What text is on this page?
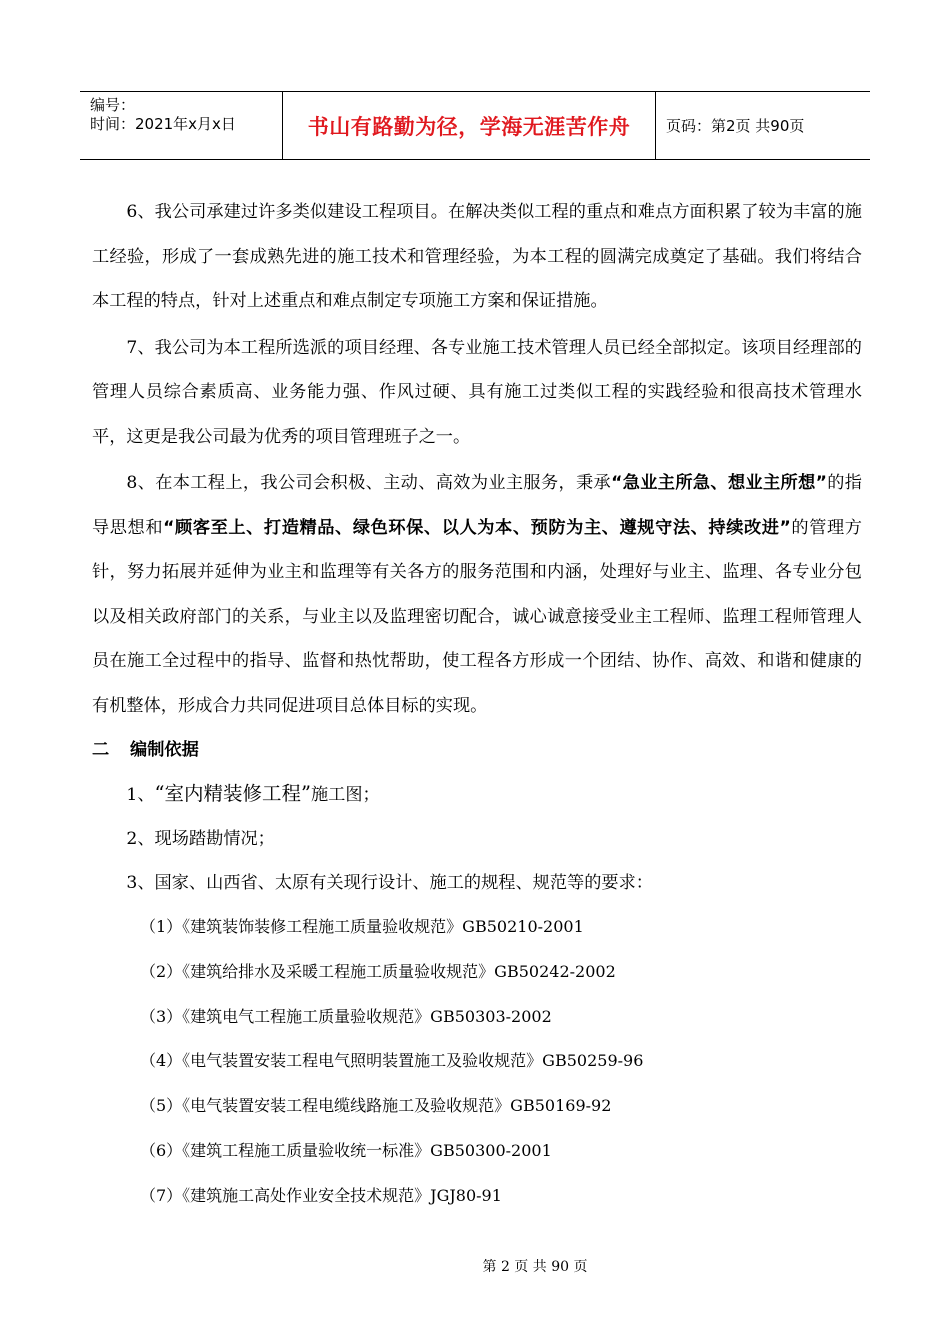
编号：
时间：2021年x月x日	书山有路勤为径，学海无涯苦作舟	页码：第2页 共90页

6、我公司承建过许多类似建设工程项目。在解决类似工程的重点和难点方面积累了较为丰富的施工经验，形成了一套成熟先进的施工技术和管理经验，为本工程的圆满完成奠定了基础。我们将结合本工程的特点，针对上述重点和难点制定专项施工方案和保证措施。

7、我公司为本工程所选派的项目经理、各专业施工技术管理人员已经全部拟定。该项目经理部的管理人员综合素质高、业务能力强、作风过硬、具有施工过类似工程的实践经验和很高技术管理水平，这更是我公司最为优秀的项目管理班子之一。

8、在本工程上，我公司会积极、主动、高效为业主服务，秉承“急业主所急、想业主所想”的指导思想和“顾客至上、打造精品、绿色环保、以人为本、预防为主、遵规守法、持续改进”的管理方针，努力拓展并延伸为业主和监理等有关各方的服务范围和内涵，处理好与业主、监理、各专业分包以及相关政府部门的关系，与业主以及监理密切配合，诚心诚意接受业主工程师、监理工程师管理人员在施工全过程中的指导、监督和热忱帮助，使工程各方形成一个团结、协作、高效、和谐和健康的有机整体，形成合力共同促进项目总体目标的实现。

二 编制依据

1、“室内精装修工程”施工图；

2、现场踏勘情况；

3、国家、山西省、太原有关现行设计、施工的规程、规范等的要求：

（1）《建筑装饰装修工程施工质量验收规范》GB50210-2001

（2）《建筑给排水及采暖工程施工质量验收规范》GB50242-2002

（3）《建筑电气工程施工质量验收规范》GB50303-2002

（4）《电气装置安装工程电气照明装置施工及验收规范》GB50259-96

（5）《电气装置安装工程电缆线路施工及验收规范》GB50169-92

（6）《建筑工程施工质量验收统一标准》GB50300-2001

（7）《建筑施工高处作业安全技术规范》JGJ80-91

第 2 页 共 90 页
